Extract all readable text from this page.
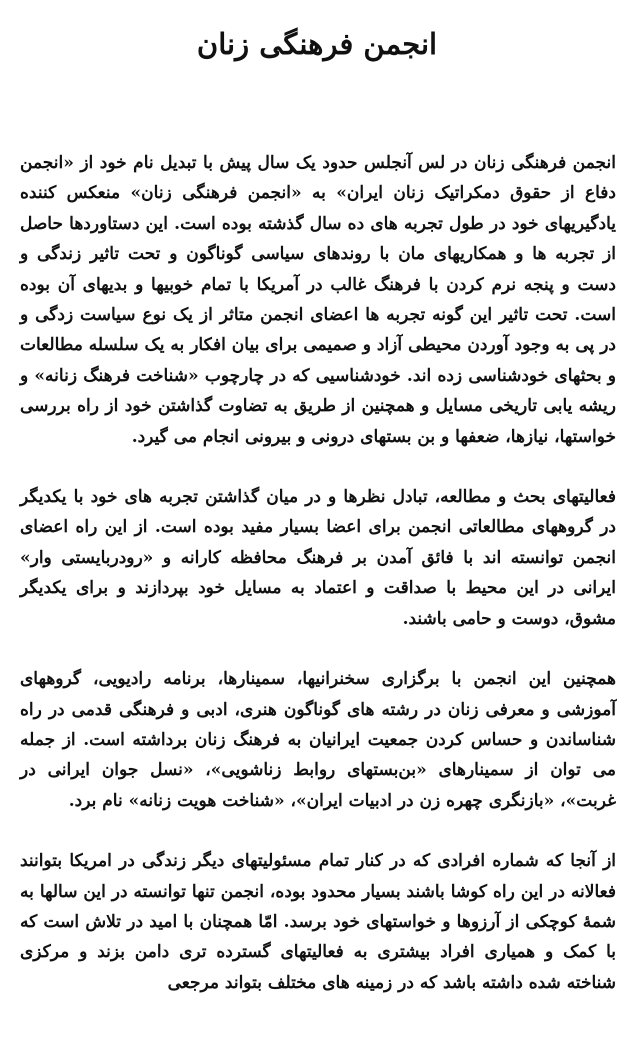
انجمن فرهنگی زنان

انجمن فرهنگی زنان در لس آنجلس حدود یک سال پیش با تبدیل نام خود از «انجمن دفاع از حقوق دمکراتیک زنان ایران» به «انجمن فرهنگی زنان» منعکس کننده یادگیریهای خود در طول تجربه های ده سال گذشته بوده است. این دستاوردها حاصل از تجربه ها و همکاریهای مان با روندهای سیاسی گوناگون و تحت تاثیر زندگی و دست و پنجه نرم کردن با فرهنگ غالب در آمریکا با تمام خوبیها و بدیهای آن بوده است. تحت تاثیر این گونه تجربه ها اعضای انجمن متاثر از یک نوع سیاست زدگی و در پی به وجود آوردن محیطی آزاد و صمیمی برای بیان افکار به یک سلسله مطالعات و بحثهای خودشناسی زده اند. خودشناسیی که در چارچوب «شناخت فرهنگ زنانه» و ریشه یابی تاریخی مسایل و همچنین از طریق به تضاوت گذاشتن خود از راه بررسی خواستها، نیازها، ضعفها و بن بستهای درونی و بیرونی انجام می گیرد.

فعالیتهای بحث و مطالعه، تبادل نظرها و در میان گذاشتن تجربه های خود با یکدیگر در گروههای مطالعاتی انجمن برای اعضا بسیار مفید بوده است. از این راه اعضای انجمن توانسته اند با فائق آمدن بر فرهنگ محافظه کارانه و «رودربایستی وار» ایرانی در این محیط با صداقت و اعتماد به مسایل خود بپردازند و برای یکدیگر مشوق، دوست و حامی باشند.

همچنین این انجمن با برگزاری سخنرانیها، سمینارها، برنامه رادیویی، گروههای آموزشی و معرفی زنان در رشته های گوناگون هنری، ادبی و فرهنگی قدمی در راه شناساندن و حساس کردن جمعیت ایرانیان به فرهنگ زنان برداشته است. از جمله می توان از سمینارهای «بن‌بستهای روابط زناشویی»، «نسل جوان ایرانی در غربت»، «بازنگری چهره زن در ادبیات ایران»، «شناخت هویت زنانه» نام برد.

از آنجا که شماره افرادی که در کنار تمام مسئولیتهای دیگر زندگی در امریکا بتوانند فعالانه در این راه کوشا باشند بسیار محدود بوده، انجمن تنها توانسته در این سالها به شمهٔ کوچکی از آرزوها و خواستهای خود برسد. امّا همچنان با امید در تلاش است که با کمک و همیاری افراد بیشتری به فعالیتهای گسترده تری دامن بزند و مرکزی شناخته شده داشته باشد که در زمینه های مختلف بتواند مرجعی
